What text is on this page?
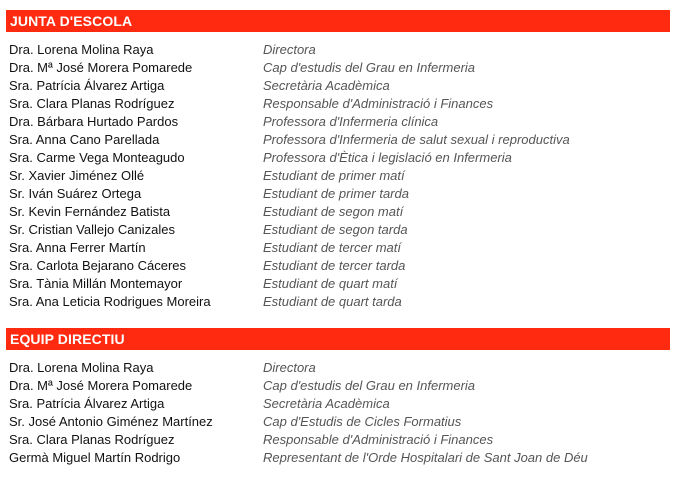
JUNTA D'ESCOLA
Dra. Lorena Molina Raya	Directora
Dra. Mª José Morera Pomarede	Cap d'estudis del Grau en Infermeria
Sra. Patrícia Álvarez Artiga	Secretària Acadèmica
Sra. Clara Planas Rodríguez	Responsable d'Administració i Finances
Dra. Bárbara Hurtado Pardos	Professora d'Infermeria clínica
Sra. Anna Cano Parellada	Professora d'Infermeria de salut sexual i reproductiva
Sra. Carme Vega Monteagudo	Professora d'Ètica i legislació en Infermeria
Sr. Xavier Jiménez Ollé	Estudiant de primer matí
Sr. Iván Suárez Ortega	Estudiant de primer tarda
Sr. Kevin Fernández Batista	Estudiant de segon matí
Sr. Cristian Vallejo Canizales	Estudiant de segon tarda
Sra. Anna Ferrer Martín	Estudiant de tercer matí
Sra. Carlota Bejarano Cáceres	Estudiant de tercer tarda
Sra. Tània Millán Montemayor	Estudiant de quart matí
Sra. Ana Leticia Rodrigues Moreira	Estudiant de quart tarda
EQUIP DIRECTIU
Dra. Lorena Molina Raya	Directora
Dra. Mª José Morera Pomarede	Cap d'estudis del Grau en Infermeria
Sra. Patrícia Álvarez Artiga	Secretària Acadèmica
Sr. José Antonio Giménez Martínez	Cap d'Estudis de Cicles Formatius
Sra. Clara Planas Rodríguez	Responsable d'Administració i Finances
Germà Miguel Martín Rodrigo	Representant de l'Orde Hospitalari de Sant Joan de Déu
